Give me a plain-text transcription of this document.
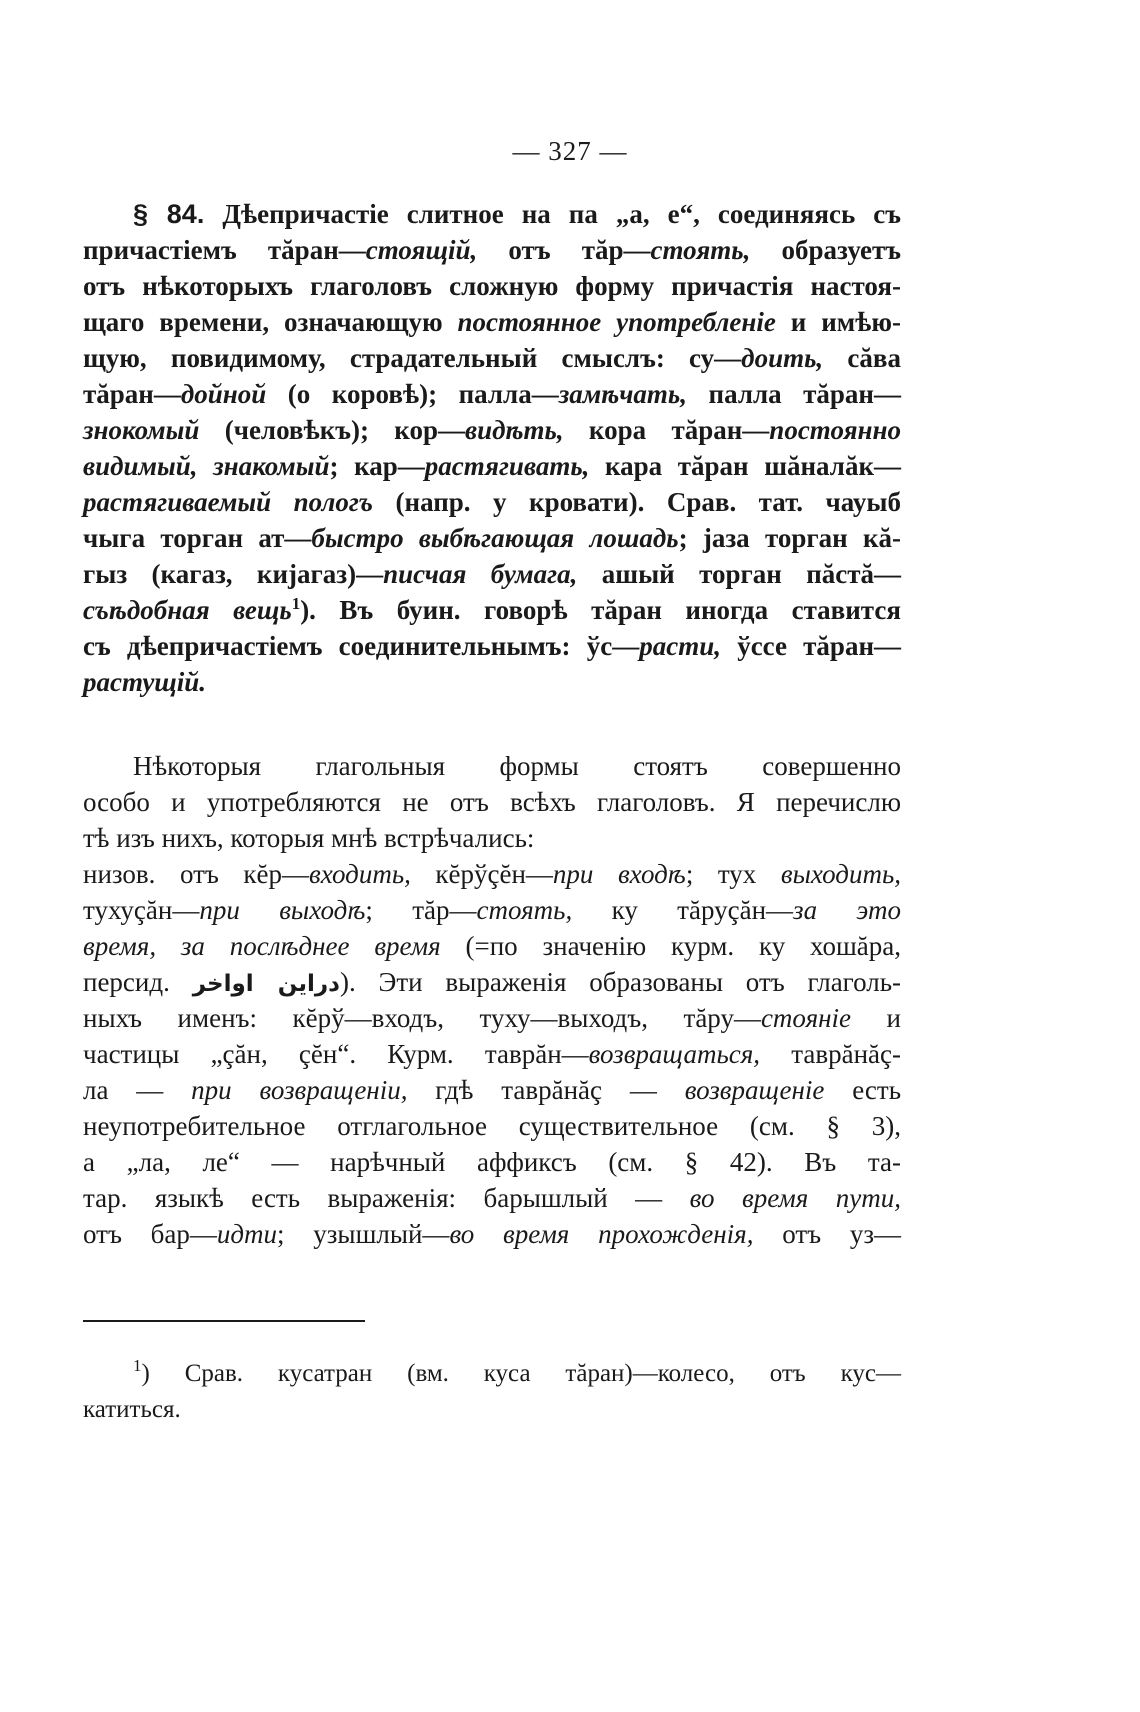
— 327 —
§ 84. Дѣепричастіе слитное на па „а, е“, соединяясь съ
причастіемъ тăран—стоящій, отъ тăр—стоять, образуетъ
отъ нѣкоторыхъ глаголовъ сложную форму причастія настоя-
щаго времени, означающую постоянное употребленіе и имѣю-
щую, повидимому, страдательный смыслъ: су—доить, сăва
тăран—дойной (о коровѣ); палла—замѣчать, палла тăран—
знокомый (человѣкъ); кор—видѣть, кора тăран—постоянно
видимый, знакомый; кар—растягивать, кара тăран шăналăк—
растягиваемый пологъ (напр. у кровати). Срав. тат. чауыб
чыга торган ат—быстро выбѣгающая лошадь; јаза торган кă-
гыз (кагаз, кијагаз)—писчая бумага, ашый торган пăстă—
съѣдобная вещь$^1$). Въ буин. говорѣ тăран иногда ставится
съ дѣепричастіемъ соединительнымъ: ўс—расти, ўссе тăран—
растущій.
Нѣкоторыя глагольныя формы стоятъ совершенно
особо и употребляются не отъ всѣхъ глаголовъ. Я перечислю
тѣ изъ нихъ, которыя мнѣ встрѣчались:
низов. отъ кĕр—входить, кĕрўçĕн—при входѣ; тух выходить,
тухуçăн—при выходѣ; тăр—стоять, ку тăруçăн—за это
время, за послѣднее время (=по значенію курм. ку хошăра,
персид. دراين اواخر). Эти выраженія образованы отъ глаголь-
ныхъ именъ: кĕрў—входъ, туху—выходъ, тăру—стояніе и
частицы „çăн, çĕн“. Курм. таврăн—возвращаться, таврăнăç-
ла — при возвращеніи, гдѣ таврăнăç — возвращеніе есть
неупотребительное отглагольное существительное (см. § 3),
а „ла, ле“ — нарѣчный аффиксъ (см. § 42). Въ та-
тар. языкѣ есть выраженія: барышлый — во время пути,
отъ бар—идти; узышлый—во время прохожденія, отъ уз—
$^1$) Срав. кусатран (вм. куса тăран)—колесо, отъ кус—
катиться.
